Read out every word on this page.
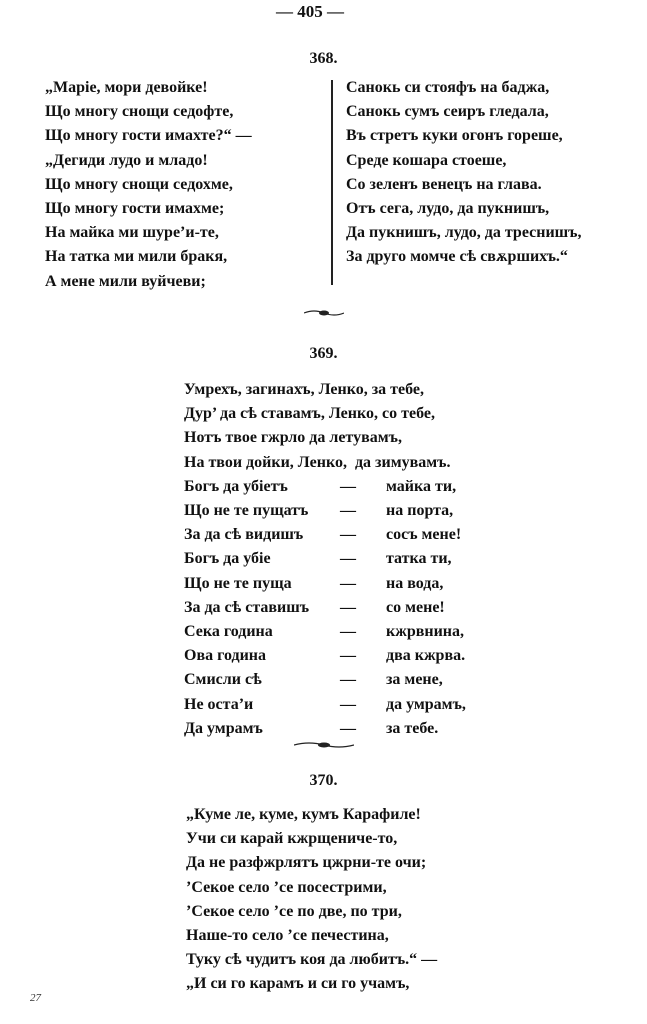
— 405 —
368.
„Маріе, мори девойке!
Що многу снощи седофте,
Що многу гости имахте?“ —
„Дегиди лудо и младо!
Що многу снощи седохме,
Що многу гости имахме;
На майка ми шуре’и-те,
На татка ми мили бракя,
А мене мили вуйчеви;
Санокь си стояфъ на баджа,
Санокь сумъ сеиръ гледала,
Въ стретъ куки огонъ гореше,
Среде кошара стоеше,
Со зеленъ венецъ на глава.
Отъ сега, лудо, да пукнишъ,
Да пукнишъ, лудо, да треснишъ,
За друго момче сѣ свѫршихъ.“
369.
Умрехъ, загинахъ, Ленко, за тебе,
Дур’ да сѣ ставамъ, Ленко, со тебе,
Нотъ твое гжрло да летувамъ,
На твои дойки, Ленко,  да зимувамъ.
Богъ да убіетъ	—	майка ти,
Що не те пущатъ	—	на порта,
За да сѣ видишъ	—	сосъ мене!
Богъ да убіе	—	татка ти,
Що не те пуща	—	на вода,
За да сѣ ставишъ	—	со мене!
Сека година	—	кжрвнина,
Ова година	—	два кжрва.
Смисли сѣ	—	за мене,
Не оста’и	—	да умрамъ,
Да умрамъ	—	за тебе.
370.
„Куме ле, куме, кумъ Карафиле!
Учи си карай кжрщениче-то,
Да не разфжрлятъ цжрни-те очи;
’Секое село ’се посестрими,
’Секое село ’се по две, по три,
Наше-то село ’се печестина,
Туку сѣ чудитъ коя да любитъ.“ —
„И си го карамъ и си го учамъ,
27
